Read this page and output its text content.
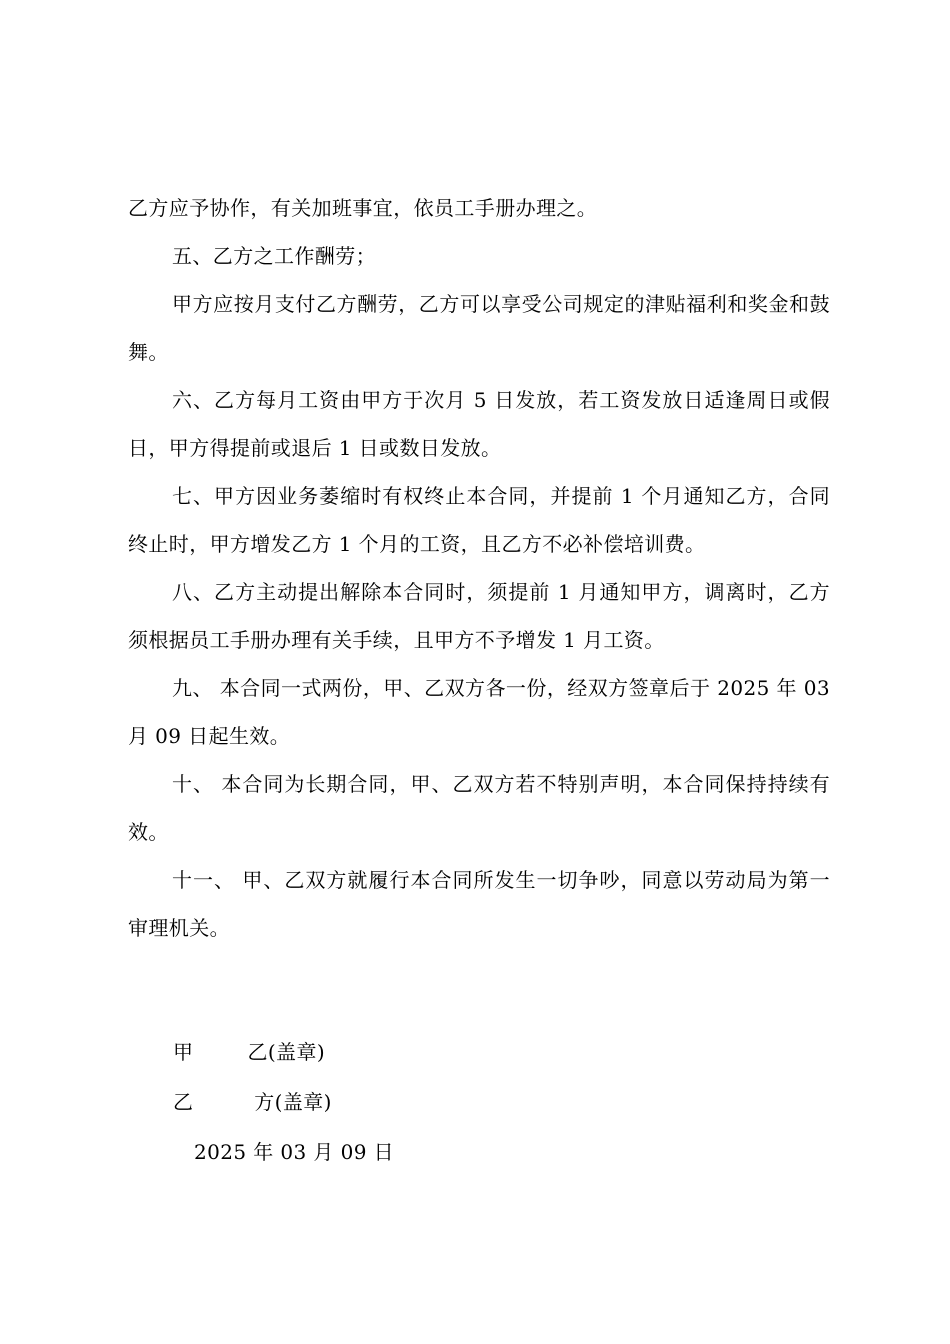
乙方应予协作，有关加班事宜，依员工手册办理之。

五、乙方之工作酬劳；

甲方应按月支付乙方酬劳，乙方可以享受公司规定的津贴福利和奖金和鼓舞。

六、乙方每月工资由甲方于次月 5 日发放，若工资发放日适逢周日或假日，甲方得提前或退后 1 日或数日发放。

七、甲方因业务萎缩时有权终止本合同，并提前 1 个月通知乙方，合同终止时，甲方增发乙方 1 个月的工资，且乙方不必补偿培训费。

八、乙方主动提出解除本合同时，须提前 1 月通知甲方，调离时，乙方须根据员工手册办理有关手续，且甲方不予增发 1 月工资。

九、 本合同一式两份，甲、乙双方各一份，经双方签章后于 2025 年 03 月 09 日起生效。

十、 本合同为长期合同，甲、乙双方若不特别声明，本合同保持持续有效。

十一、 甲、乙双方就履行本合同所发生一切争吵，同意以劳动局为第一审理机关。

甲        乙(盖章)
乙         方(盖章)
2025 年 03 月 09 日
